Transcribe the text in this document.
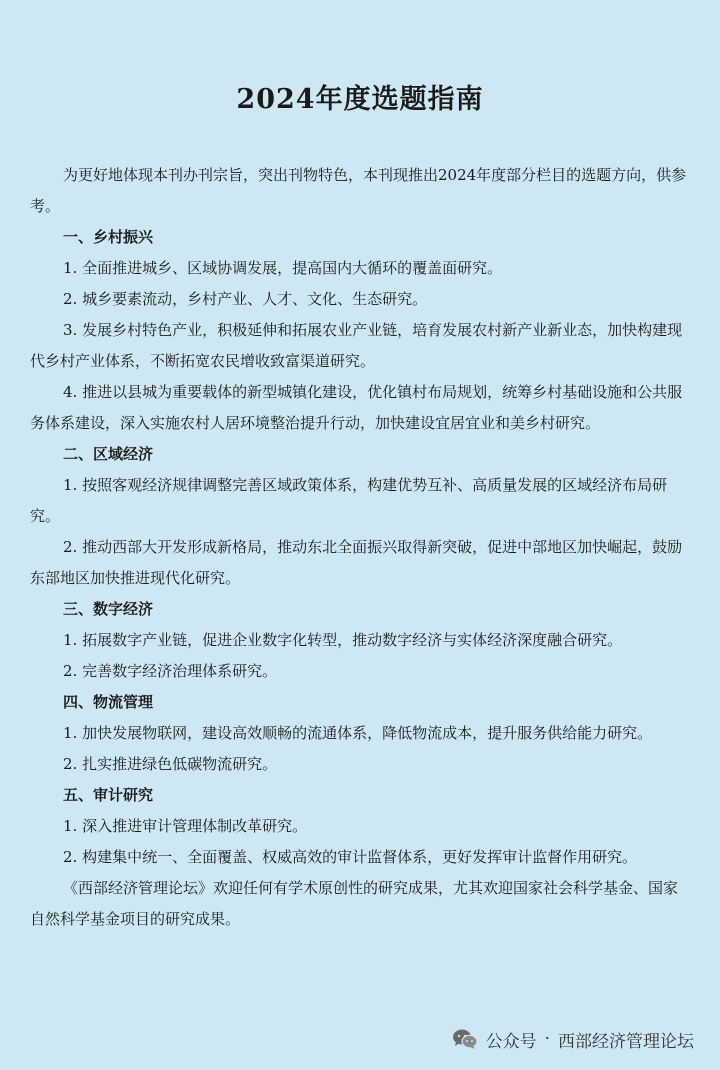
2024年度选题指南

为更好地体现本刊办刊宗旨，突出刊物特色，本刊现推出2024年度部分栏目的选题方向，供参考。

一、乡村振兴

1. 全面推进城乡、区域协调发展，提高国内大循环的覆盖面研究。

2. 城乡要素流动，乡村产业、人才、文化、生态研究。

3. 发展乡村特色产业，积极延伸和拓展农业产业链，培育发展农村新产业新业态，加快构建现代乡村产业体系，不断拓宽农民增收致富渠道研究。

4. 推进以县城为重要载体的新型城镇化建设，优化镇村布局规划，统筹乡村基础设施和公共服务体系建设，深入实施农村人居环境整治提升行动，加快建设宜居宜业和美乡村研究。

二、区域经济

1. 按照客观经济规律调整完善区域政策体系，构建优势互补、高质量发展的区域经济布局研究。

2. 推动西部大开发形成新格局，推动东北全面振兴取得新突破，促进中部地区加快崛起，鼓励东部地区加快推进现代化研究。

三、数字经济

1. 拓展数字产业链，促进企业数字化转型，推动数字经济与实体经济深度融合研究。

2. 完善数字经济治理体系研究。

四、物流管理

1. 加快发展物联网，建设高效顺畅的流通体系，降低物流成本，提升服务供给能力研究。

2. 扎实推进绿色低碳物流研究。

五、审计研究

1. 深入推进审计管理体制改革研究。

2. 构建集中统一、全面覆盖、权威高效的审计监督体系，更好发挥审计监督作用研究。

《西部经济管理论坛》欢迎任何有学术原创性的研究成果，尤其欢迎国家社会科学基金、国家自然科学基金项目的研究成果。

公众号 · 西部经济管理论坛
